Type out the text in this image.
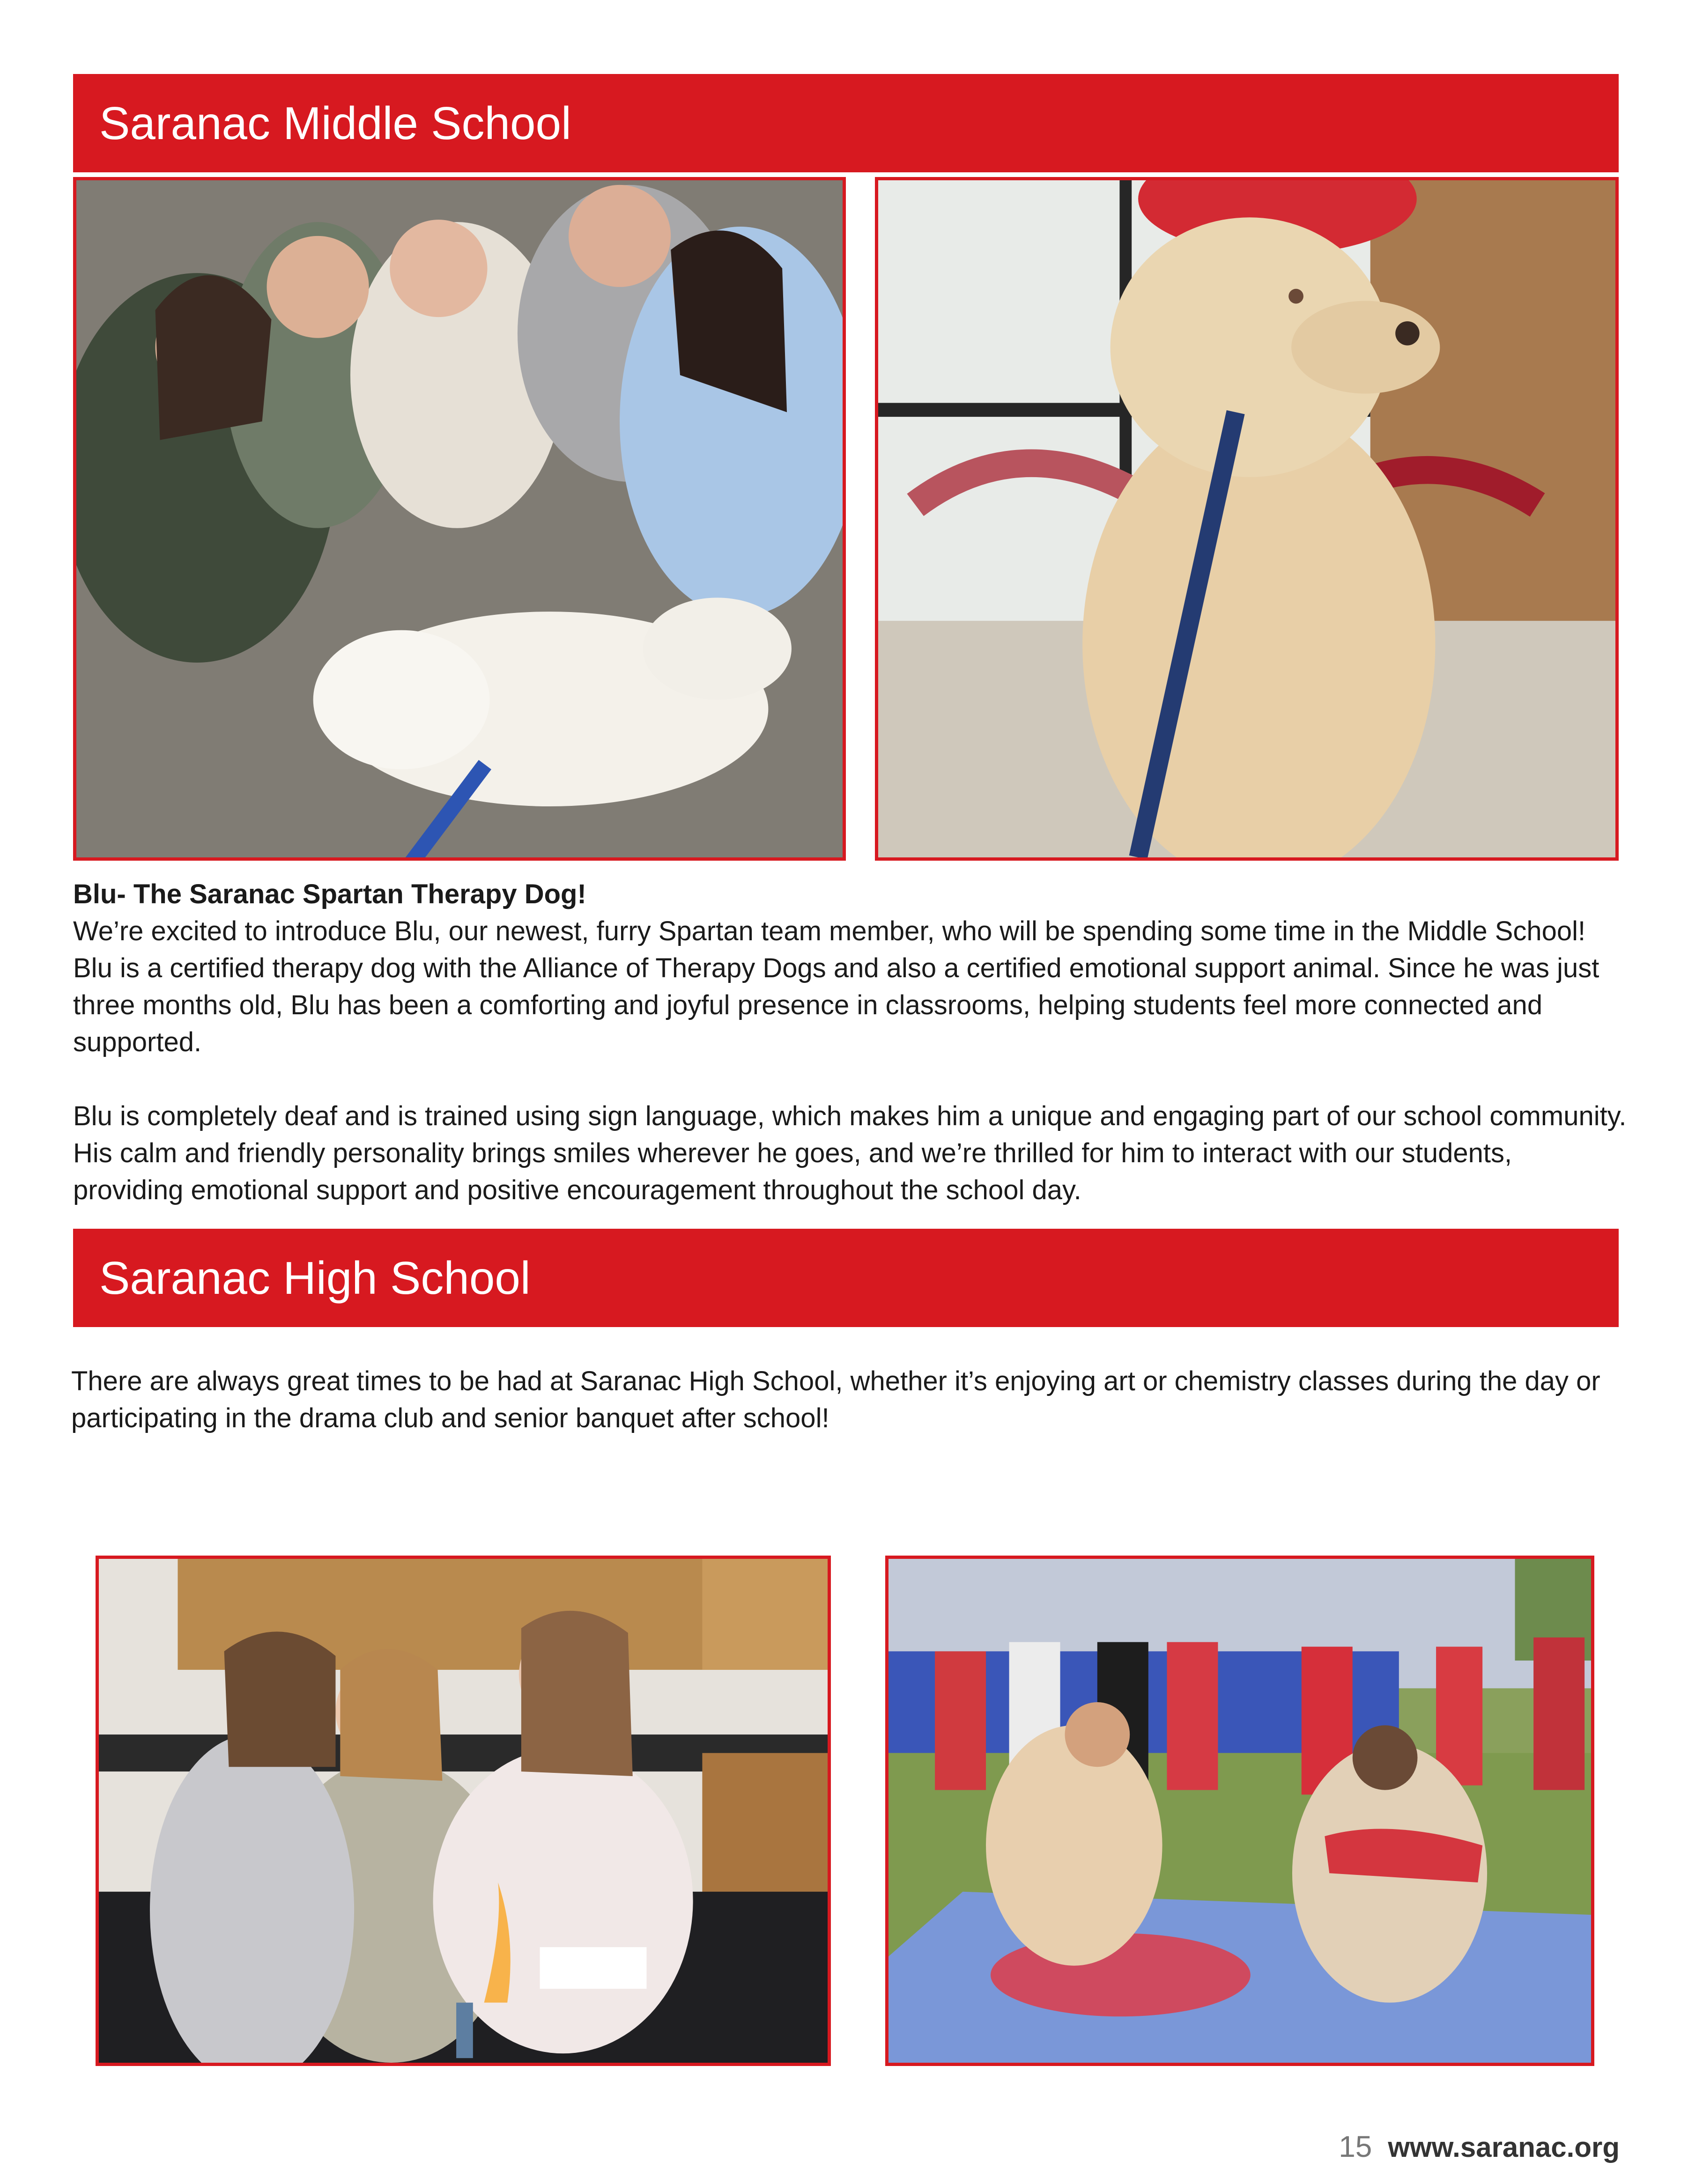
Saranac Middle School

Blu- The Saranac Spartan Therapy Dog!

We’re excited to introduce Blu, our newest, furry Spartan team member, who will be spending some time in the Middle School! Blu is a certified therapy dog with the Alliance of Therapy Dogs and also a certified emotional support animal. Since he was just three months old, Blu has been a comforting and joyful presence in classrooms, helping students feel more connected and supported.

Blu is completely deaf and is trained using sign language, which makes him a unique and engaging part of our school community. His calm and friendly personality brings smiles wherever he goes, and we’re thrilled for him to interact with our students, providing emotional support and positive encouragement throughout the school day.

Saranac High School

There are always great times to be had at Saranac High School, whether it’s enjoying art or chemistry classes during the day or participating in the drama club and senior banquet after school!

15 www.saranac.org
